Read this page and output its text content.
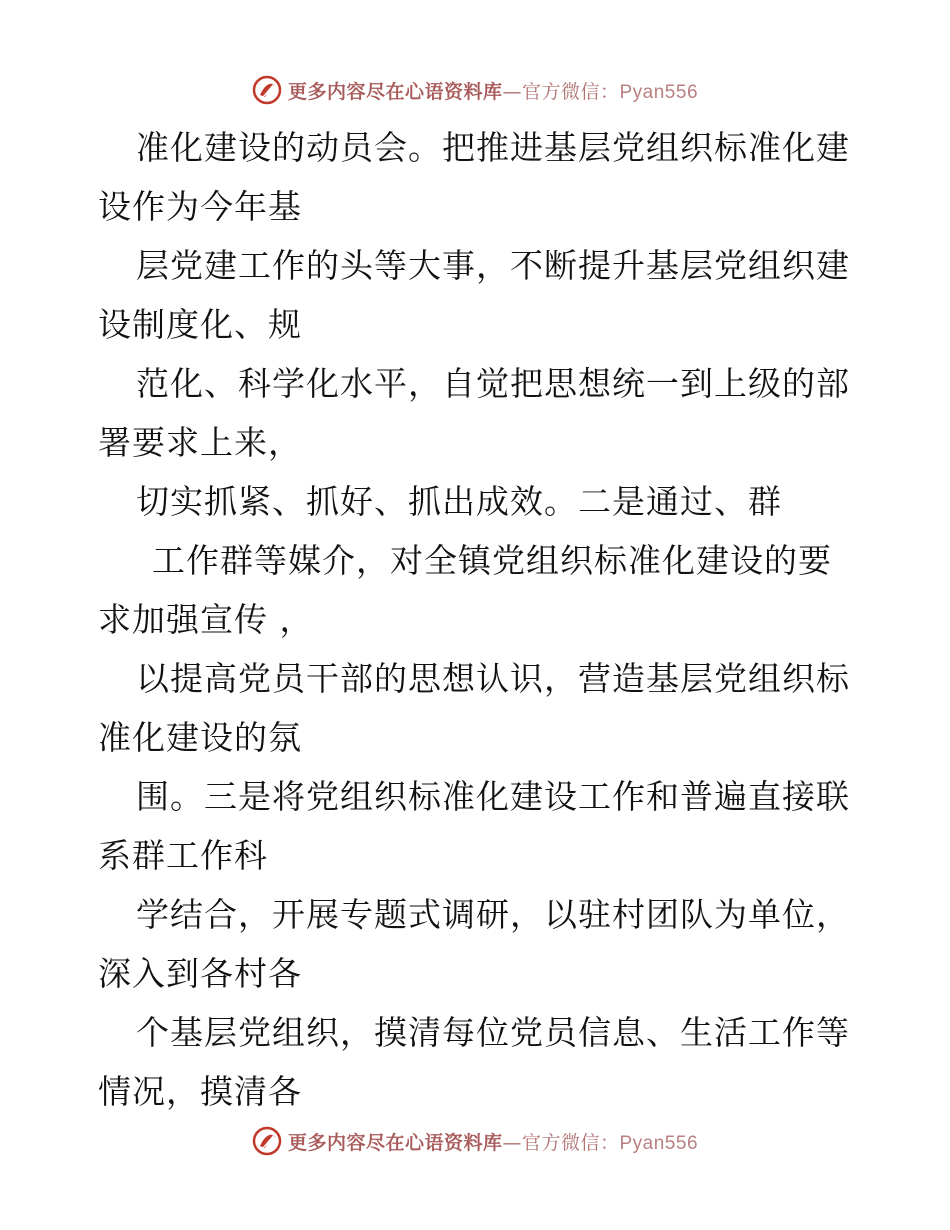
更多内容尽在心语资料库—官方微信：Pyan556
准化建设的动员会。把推进基层党组织标准化建
设作为今年基
层党建工作的头等大事，不断提升基层党组织建
设制度化、规
范化、科学化水平，自觉把思想统一到上级的部
署要求上来，
切实抓紧、抓好、抓出成效。二是通过、群
工作群等媒介，对全镇党组织标准化建设的要
求加强宣传 ，
以提高党员干部的思想认识，营造基层党组织标
准化建设的氛
围。三是将党组织标准化建设工作和普遍直接联
系群工作科
学结合，开展专题式调研，以驻村团队为单位，
深入到各村各
个基层党组织，摸清每位党员信息、生活工作等
情况，摸清各
更多内容尽在心语资料库—官方微信：Pyan556
